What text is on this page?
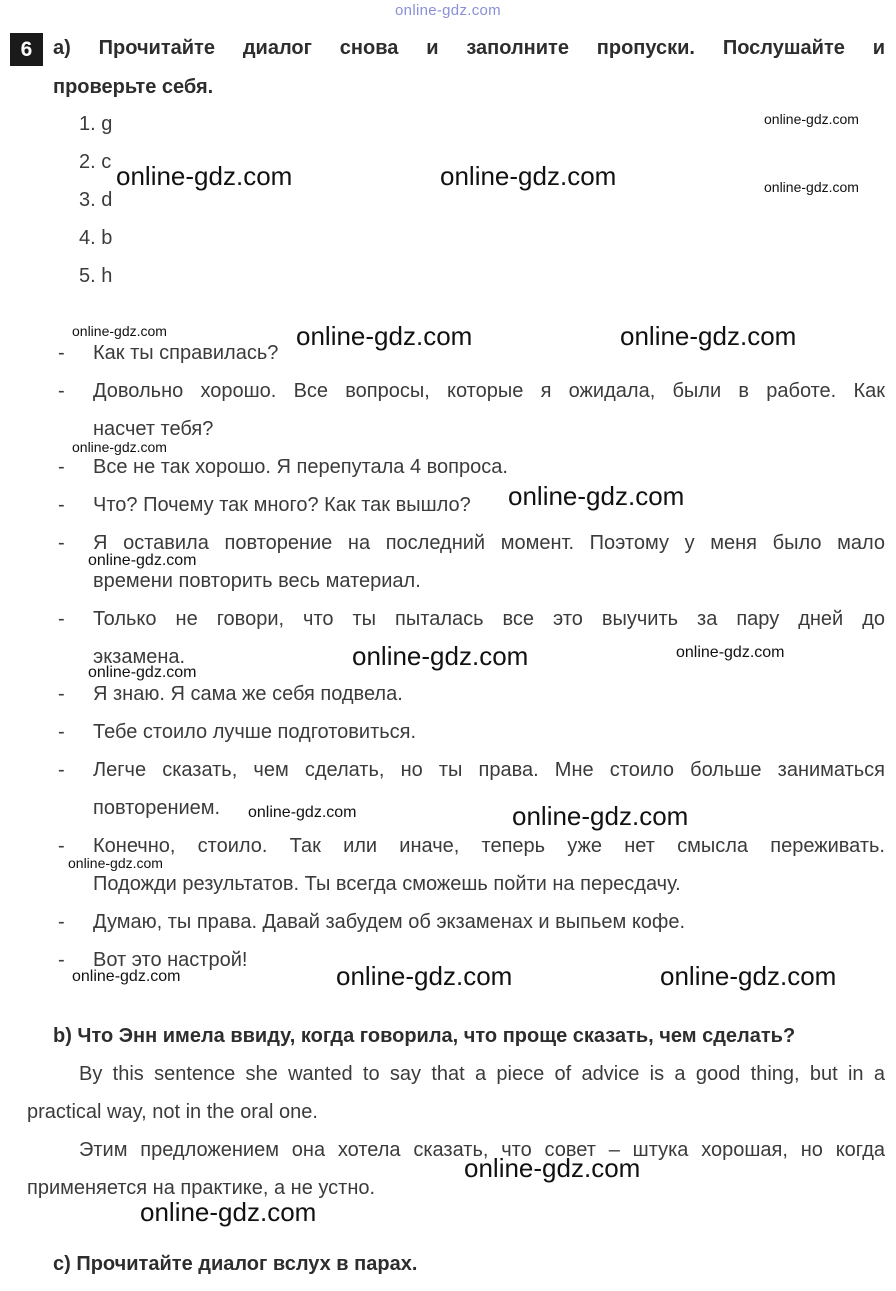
online-gdz.com
6	a) Прочитайте диалог снова и заполните пропуски. Послушайте и
проверьте себя.
1. g
2. c
3. d
4. b
5. h
-
-
-
-
-
-
-
-
-
-
-
-
Как ты справилась?
Довольно хорошо. Все вопросы, которые я ожидала, были в работе. Как
насчет тебя?
Все не так хорошо. Я перепутала 4 вопроса.
Что? Почему так много? Как так вышло?
Я оставила повторение на последний момент. Поэтому у меня было мало
времени повторить весь материал.
Только не говори, что ты пыталась все это выучить за пару дней до
экзамена.
Я знаю. Я сама же себя подвела.
Тебе стоило лучше подготовиться.
Легче сказать, чем сделать, но ты права. Мне стоило больше заниматься
повторением.
Конечно, стоило. Так или иначе, теперь уже нет смысла переживать.
Подожди результатов. Ты всегда сможешь пойти на пересдачу.
Думаю, ты права. Давай забудем об экзаменах и выпьем кофе.
Вот это настрой!
b) Что Энн имела ввиду, когда говорила, что проще сказать, чем сделать?
By this sentence she wanted to say that a piece of advice is a good thing, but in a
practical way, not in the oral one.
Этим предложением она хотела сказать, что совет – штука хорошая, но когда
применяется на практике, а не устно.
c) Прочитайте диалог вслух в парах.
online-gdz.com
online-gdz.com	online-gdz.com	online-gdz.com
online-gdz.com	online-gdz.com	online-gdz.com
online-gdz.com
online-gdz.com
online-gdz.com
online-gdz.com	online-gdz.com
online-gdz.com
online-gdz.com	online-gdz.com
online-gdz.com
online-gdz.com	online-gdz.com	online-gdz.com
online-gdz.com
online-gdz.com
